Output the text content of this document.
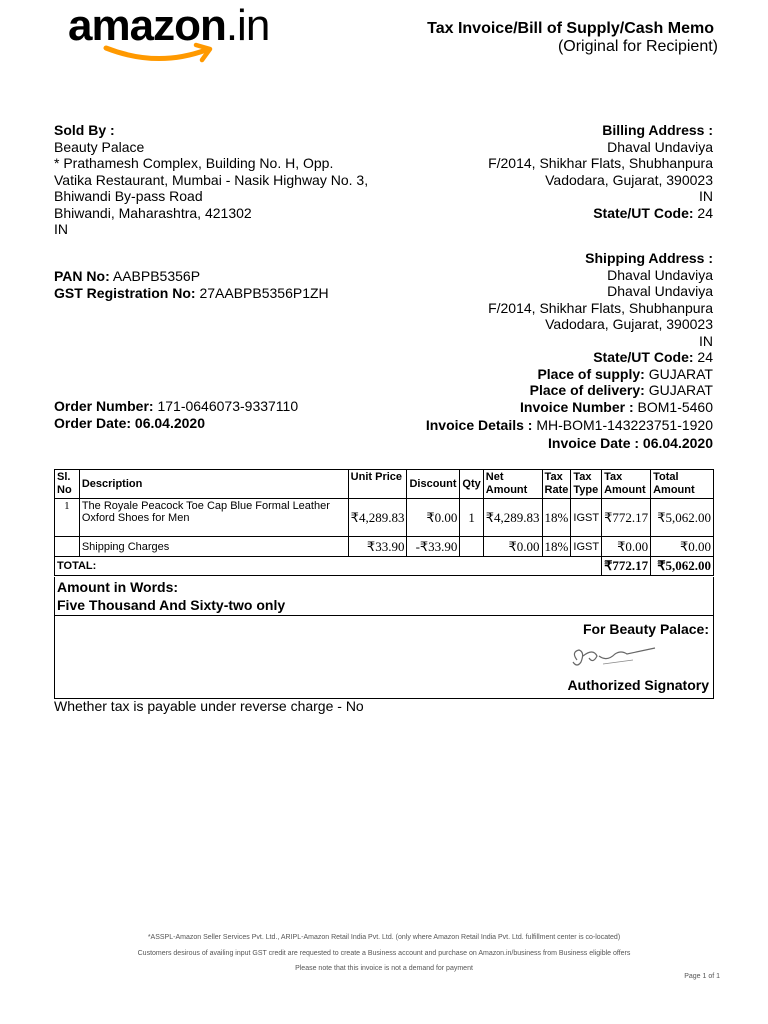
amazon.in	Tax Invoice/Bill of Supply/Cash Memo
(Original for Recipient)
Sold By :
Beauty Palace
* Prathamesh Complex, Building No. H, Opp.
Vatika Restaurant, Mumbai - Nasik Highway No. 3,
Bhiwandi By-pass Road
Bhiwandi, Maharashtra, 421302
IN
PAN No: AABPB5356P
GST Registration No: 27AABPB5356P1ZH
Order Number: 171-0646073-9337110
Order Date: 06.04.2020
Billing Address :
Dhaval Undaviya
F/2014, Shikhar Flats, Shubhanpura
Vadodara, Gujarat, 390023
IN
State/UT Code: 24
Shipping Address :
Dhaval Undaviya
Dhaval Undaviya
F/2014, Shikhar Flats, Shubhanpura
Vadodara, Gujarat, 390023
IN
State/UT Code: 24
Place of supply: GUJARAT
Place of delivery: GUJARAT
Invoice Number : BOM1-5460
Invoice Details : MH-BOM1-143223751-1920
Invoice Date : 06.04.2020
Sl. No	Description	Unit Price	Discount	Qty	Net Amount	Tax Rate	Tax Type	Tax Amount	Total Amount
1	The Royale Peacock Toe Cap Blue Formal Leather Oxford Shoes for Men	₹4,289.83	₹0.00	1	₹4,289.83	18%	IGST	₹772.17	₹5,062.00
	Shipping Charges	₹33.90	-₹33.90		₹0.00	18%	IGST	₹0.00	₹0.00
TOTAL:								₹772.17	₹5,062.00
Amount in Words:
Five Thousand And Sixty-two only
For Beauty Palace:
Authorized Signatory
Whether tax is payable under reverse charge - No
*ASSPL-Amazon Seller Services Pvt. Ltd., ARIPL-Amazon Retail India Pvt. Ltd. (only where Amazon Retail India Pvt. Ltd. fulfillment center is co-located)
Customers desirous of availing input GST credit are requested to create a Business account and purchase on Amazon.in/business from Business eligible offers
Please note that this invoice is not a demand for payment
Page 1 of 1
